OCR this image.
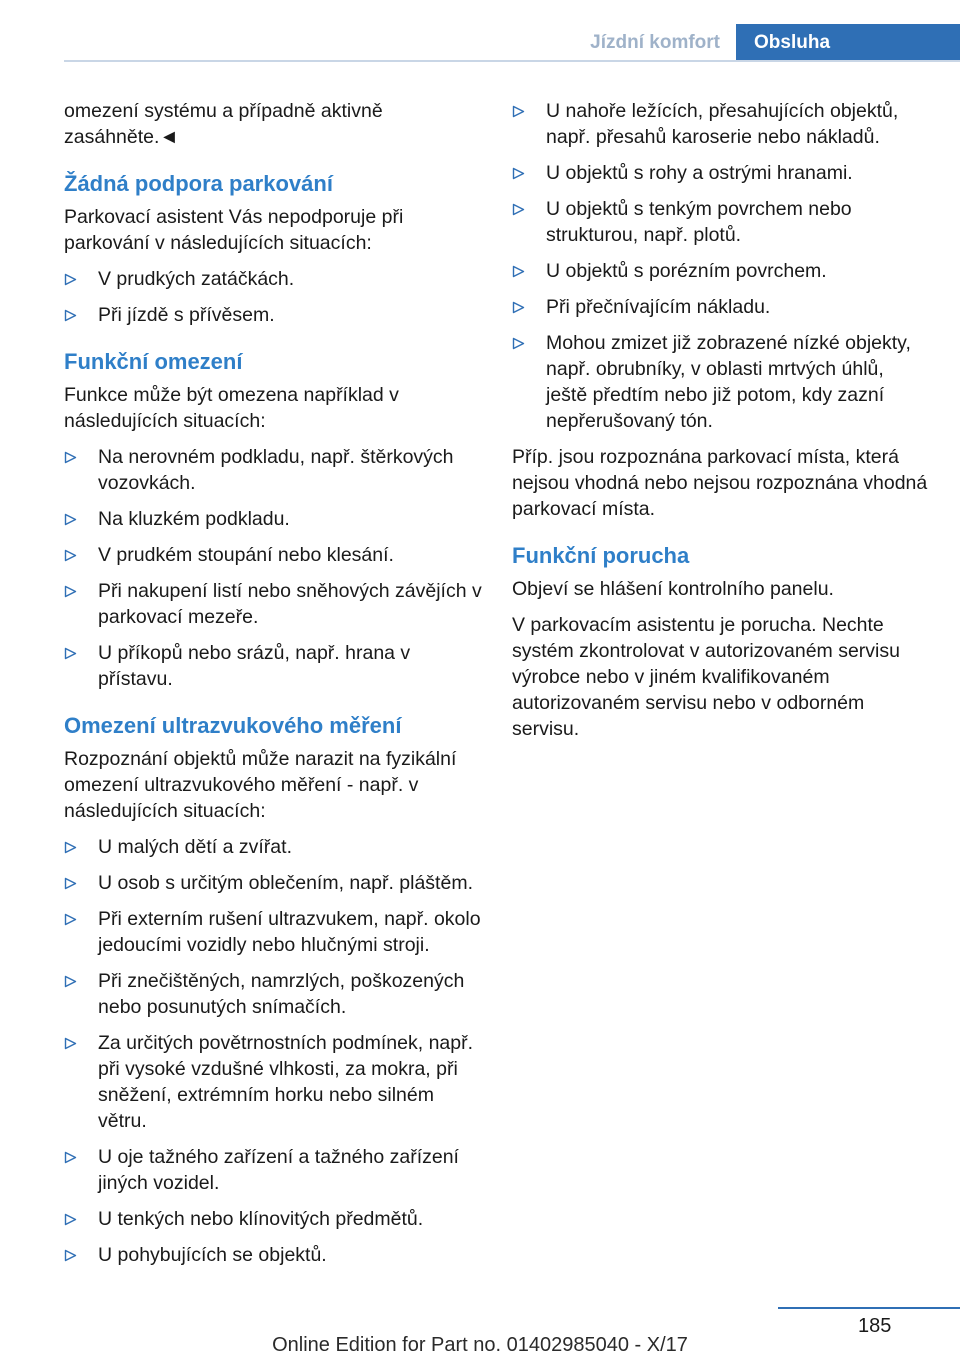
Jízdní komfort	Obsluha

omezení systému a případně aktivně zasáhněte.◄

Žádná podpora parkování

Parkovací asistent Vás nepodporuje při parkování v následujících situacích:

V prudkých zatáčkách.
Při jízdě s přívěsem.
Funkční omezení

Funkce může být omezena například v následujících situacích:

Na nerovném podkladu, např. štěrkových vozovkách.
Na kluzkém podkladu.
V prudkém stoupání nebo klesání.
Při nakupení listí nebo sněhových závějích v parkovací mezeře.
U příkopů nebo srázů, např. hrana v přístavu.
Omezení ultrazvukového měření

Rozpoznání objektů může narazit na fyzikální omezení ultrazvukového měření - např. v následujících situacích:

U malých dětí a zvířat.
U osob s určitým oblečením, např. pláštěm.
Při externím rušení ultrazvukem, např. okolo jedoucími vozidly nebo hlučnými stroji.
Při znečištěných, namrzlých, poškozených nebo posunutých snímačích.
Za určitých povětrnostních podmínek, např. při vysoké vzdušné vlhkosti, za mokra, při sněžení, extrémním horku nebo silném větru.
U oje tažného zařízení a tažného zařízení jiných vozidel.
U tenkých nebo klínovitých předmětů.
U pohybujících se objektů.
U nahoře ležících, přesahujících objektů, např. přesahů karoserie nebo nákladů.
U objektů s rohy a ostrými hranami.
U objektů s tenkým povrchem nebo strukturou, např. plotů.
U objektů s porézním povrchem.
Při přečnívajícím nákladu.
Mohou zmizet již zobrazené nízké objekty, např. obrubníky, v oblasti mrtvých úhlů, ještě předtím nebo již potom, kdy zazní nepřerušovaný tón.

Příp. jsou rozpoznána parkovací místa, která nejsou vhodná nebo nejsou rozpoznána vhodná parkovací místa.

Funkční porucha

Objeví se hlášení kontrolního panelu.

V parkovacím asistentu je porucha. Nechte systém zkontrolovat v autorizovaném servisu výrobce nebo v jiném kvalifikovaném autorizovaném servisu nebo v odborném servisu.

185
Online Edition for Part no. 01402985040 - X/17
